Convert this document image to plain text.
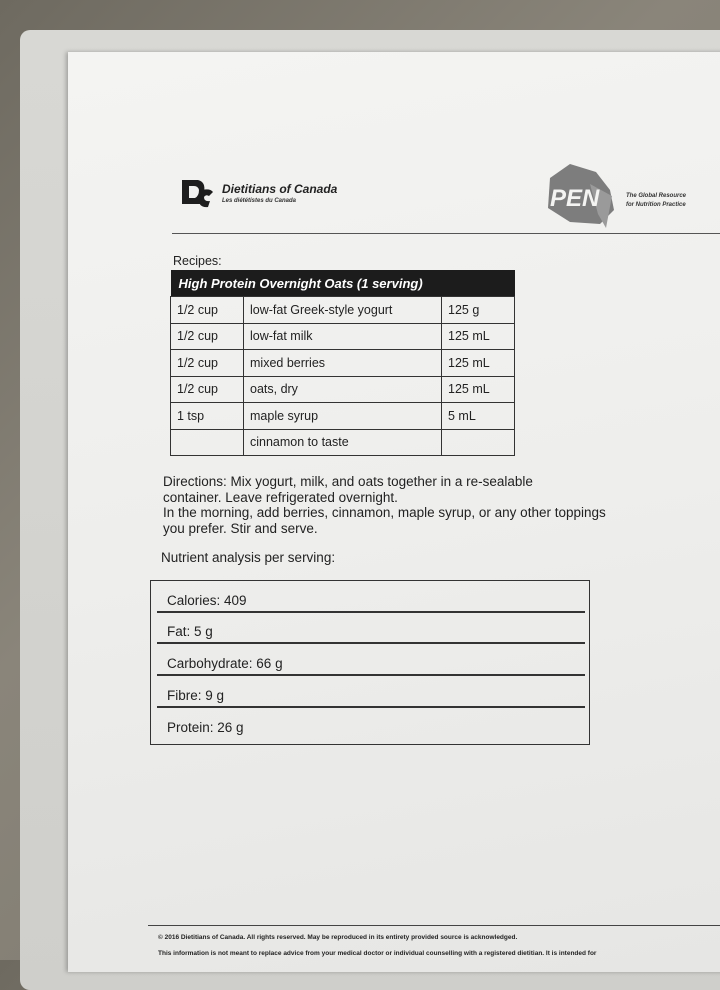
Dietitians of Canada
Les diététistes du Canada	PEN	The Global Resource
for Nutrition Practice
Recipes:
High Protein Overnight Oats (1 serving)		
1/2 cup	low-fat Greek-style yogurt	125 g
1/2 cup	low-fat milk	125 mL
1/2 cup	mixed berries	125 mL
1/2 cup	oats, dry	125 mL
1 tsp	maple syrup	5 mL
	cinnamon to taste	

Directions: Mix yogurt, milk, and oats together in a re-sealable

container. Leave refrigerated overnight.

In the morning, add berries, cinnamon, maple syrup, or any other toppings

you prefer. Stir and serve.

Nutrient analysis per serving:
Calories: 409
Fat: 5 g
Carbohydrate: 66 g
Fibre: 9 g
Protein: 26 g
© 2016 Dietitians of Canada. All rights reserved. May be reproduced in its entirety provided source is acknowledged.
This information is not meant to replace advice from your medical doctor or individual counselling with a registered dietitian. It is intended for
